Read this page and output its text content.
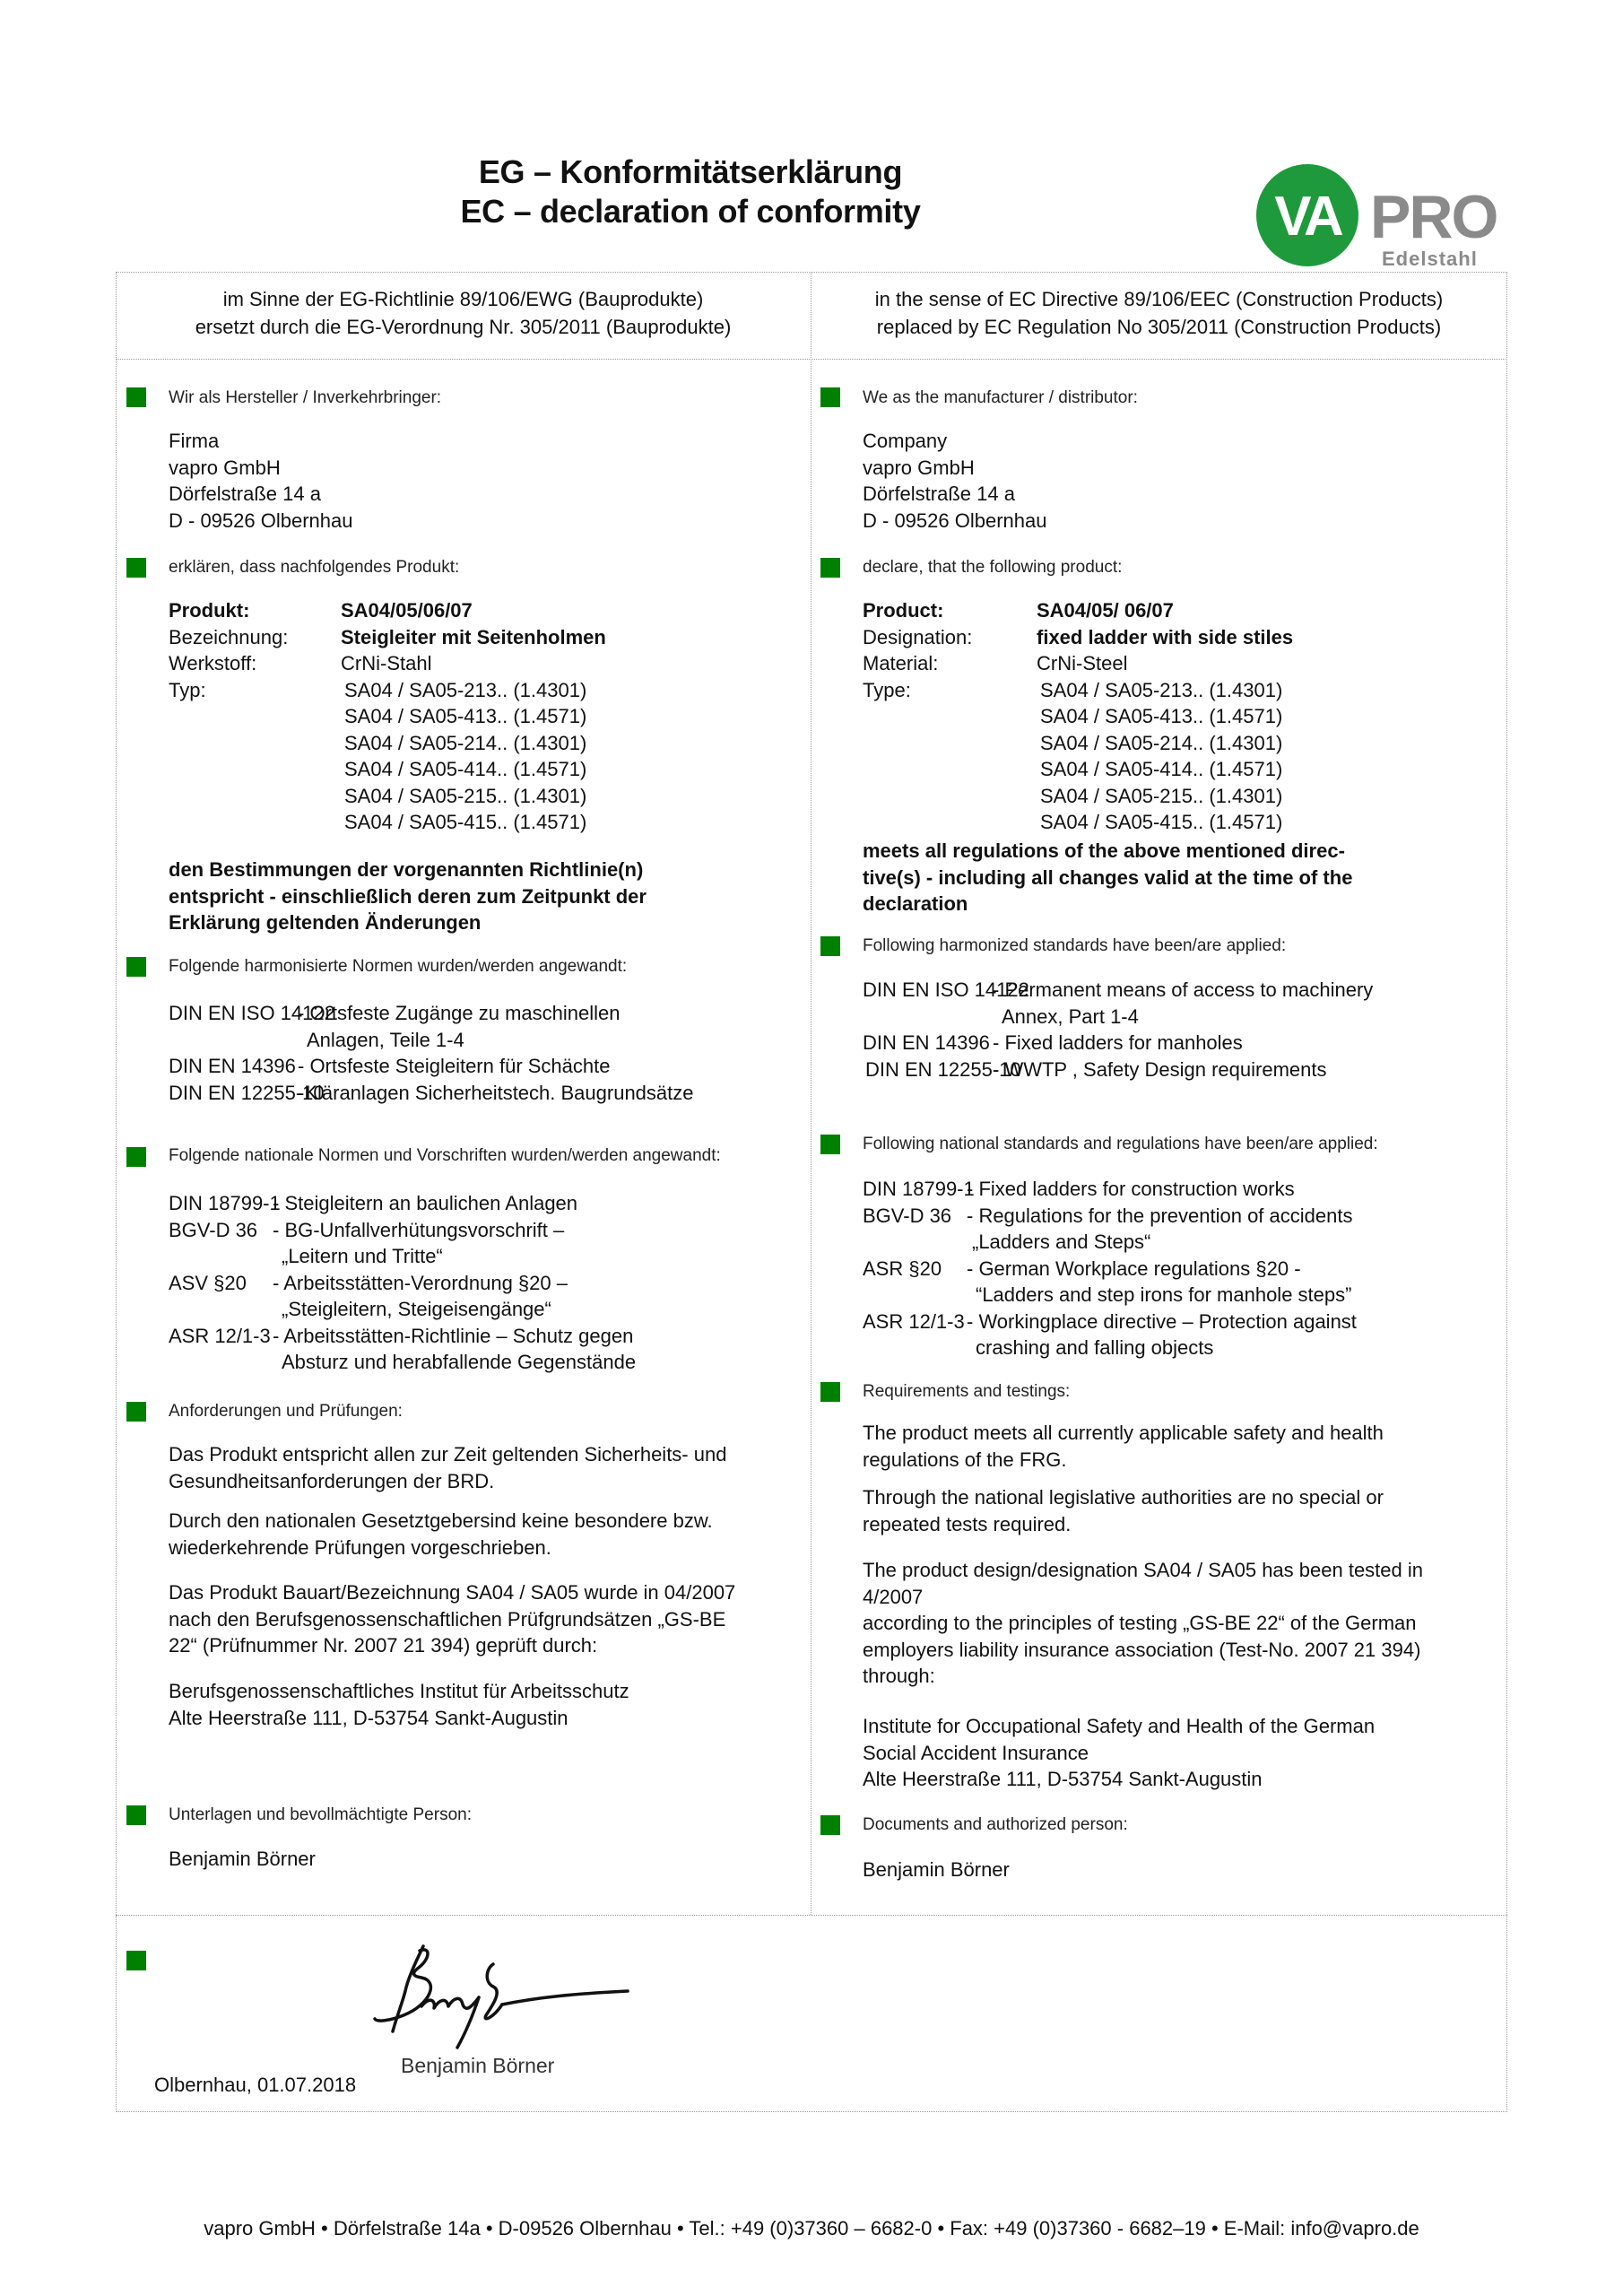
EG – Konformitätserklärung
EC – declaration of conformity	VA PRO
Edelstahl
im Sinne der EG-Richtlinie 89/106/EWG (Bauprodukte)
ersetzt durch die EG-Verordnung Nr. 305/2011 (Bauprodukte)
in the sense of EC Directive 89/106/EEC (Construction Products)
replaced by EC Regulation No 305/2011 (Construction Products)
Wir als Hersteller / Inverkehrbringer:
Firma
vapro GmbH
Dörfelstraße 14 a
D - 09526 Olbernhau
erklären, dass nachfolgendes Produkt:
Produkt:	SA04/05/06/07
Bezeichnung:	Steigleiter mit Seitenholmen
Werkstoff:	CrNi-Stahl
Typ:	SA04 / SA05-213.. (1.4301)
SA04 / SA05-413.. (1.4571)
SA04 / SA05-214.. (1.4301)
SA04 / SA05-414.. (1.4571)
SA04 / SA05-215.. (1.4301)
SA04 / SA05-415.. (1.4571)
den Bestimmungen der vorgenannten Richtlinie(n)
entspricht - einschließlich deren zum Zeitpunkt der
Erklärung geltenden Änderungen
Folgende harmonisierte Normen wurden/werden angewandt:
DIN EN ISO 14122
- Ortsfeste Zugänge zu maschinellen
Anlagen, Teile 1-4
DIN EN 14396 - Ortsfeste Steigleitern für Schächte
DIN EN 12255-10
-Kläranlagen Sicherheitstech. Baugrundsätze
Folgende nationale Normen und Vorschriften wurden/werden angewandt:
DIN 18799-1
- Steigleitern an baulichen Anlagen
BGV-D 36 - BG-Unfallverhütungsvorschrift –
„Leitern und Tritte“
ASV §20 - Arbeitsstätten-Verordnung §20 –
„Steigleitern, Steigeisengänge“
ASR 12/1-3 - Arbeitsstätten-Richtlinie – Schutz gegen
Absturz und herabfallende Gegenstände
Anforderungen und Prüfungen:
Das Produkt entspricht allen zur Zeit geltenden Sicherheits- und
Gesundheitsanforderungen der BRD.
Durch den nationalen Gesetztgebersind keine besondere bzw.
wiederkehrende Prüfungen vorgeschrieben.
Das Produkt Bauart/Bezeichnung SA04 / SA05 wurde in 04/2007
nach den Berufsgenossenschaftlichen Prüfgrundsätzen „GS-BE
22“ (Prüfnummer Nr. 2007 21 394) geprüft durch:
Berufsgenossenschaftliches Institut für Arbeitsschutz
Alte Heerstraße 111, D-53754 Sankt-Augustin
Unterlagen und bevollmächtigte Person:
Benjamin Börner
We as the manufacturer / distributor:
Company
vapro GmbH
Dörfelstraße 14 a
D - 09526 Olbernhau
declare, that the following product:
Product:	SA04/05/ 06/07
Designation:	fixed ladder with side stiles
Material:	CrNi-Steel
Type:	SA04 / SA05-213.. (1.4301)
SA04 / SA05-413.. (1.4571)
SA04 / SA05-214.. (1.4301)
SA04 / SA05-414.. (1.4571)
SA04 / SA05-215.. (1.4301)
SA04 / SA05-415.. (1.4571)
meets all regulations of the above mentioned direc-
tive(s) - including all changes valid at the time of the
declaration
Following harmonized standards have been/are applied:
DIN EN ISO 14122
- Permanent means of access to machinery
Annex, Part 1-4
DIN EN 14396 - Fixed ladders for manholes
DIN EN 12255-10
- WWTP , Safety Design requirements
Following national standards and regulations have been/are applied:
DIN 18799-1
- Fixed ladders for construction works
BGV-D 36 - Regulations for the prevention of accidents
„Ladders and Steps“
ASR §20 - German Workplace regulations §20 -
“Ladders and step irons for manhole steps”
ASR 12/1-3 - Workingplace directive – Protection against
crashing and falling objects
Requirements and testings:
The product meets all currently applicable safety and health
regulations of the FRG.
Through the national legislative authorities are no special or
repeated tests required.
The product design/designation SA04 / SA05 has been tested in
4/2007
according to the principles of testing „GS-BE 22“ of the German
employers liability insurance association (Test-No. 2007 21 394)
through:
Institute for Occupational Safety and Health of the German
Social Accident Insurance
Alte Heerstraße 111, D-53754 Sankt-Augustin
Documents and authorized person:
Benjamin Börner
Benjamin Börner
Olbernhau, 01.07.2018
vapro GmbH • Dörfelstraße 14a • D-09526 Olbernhau • Tel.: +49 (0)37360 – 6682-0 • Fax: +49 (0)37360 - 6682–19 • E-Mail: info@vapro.de
